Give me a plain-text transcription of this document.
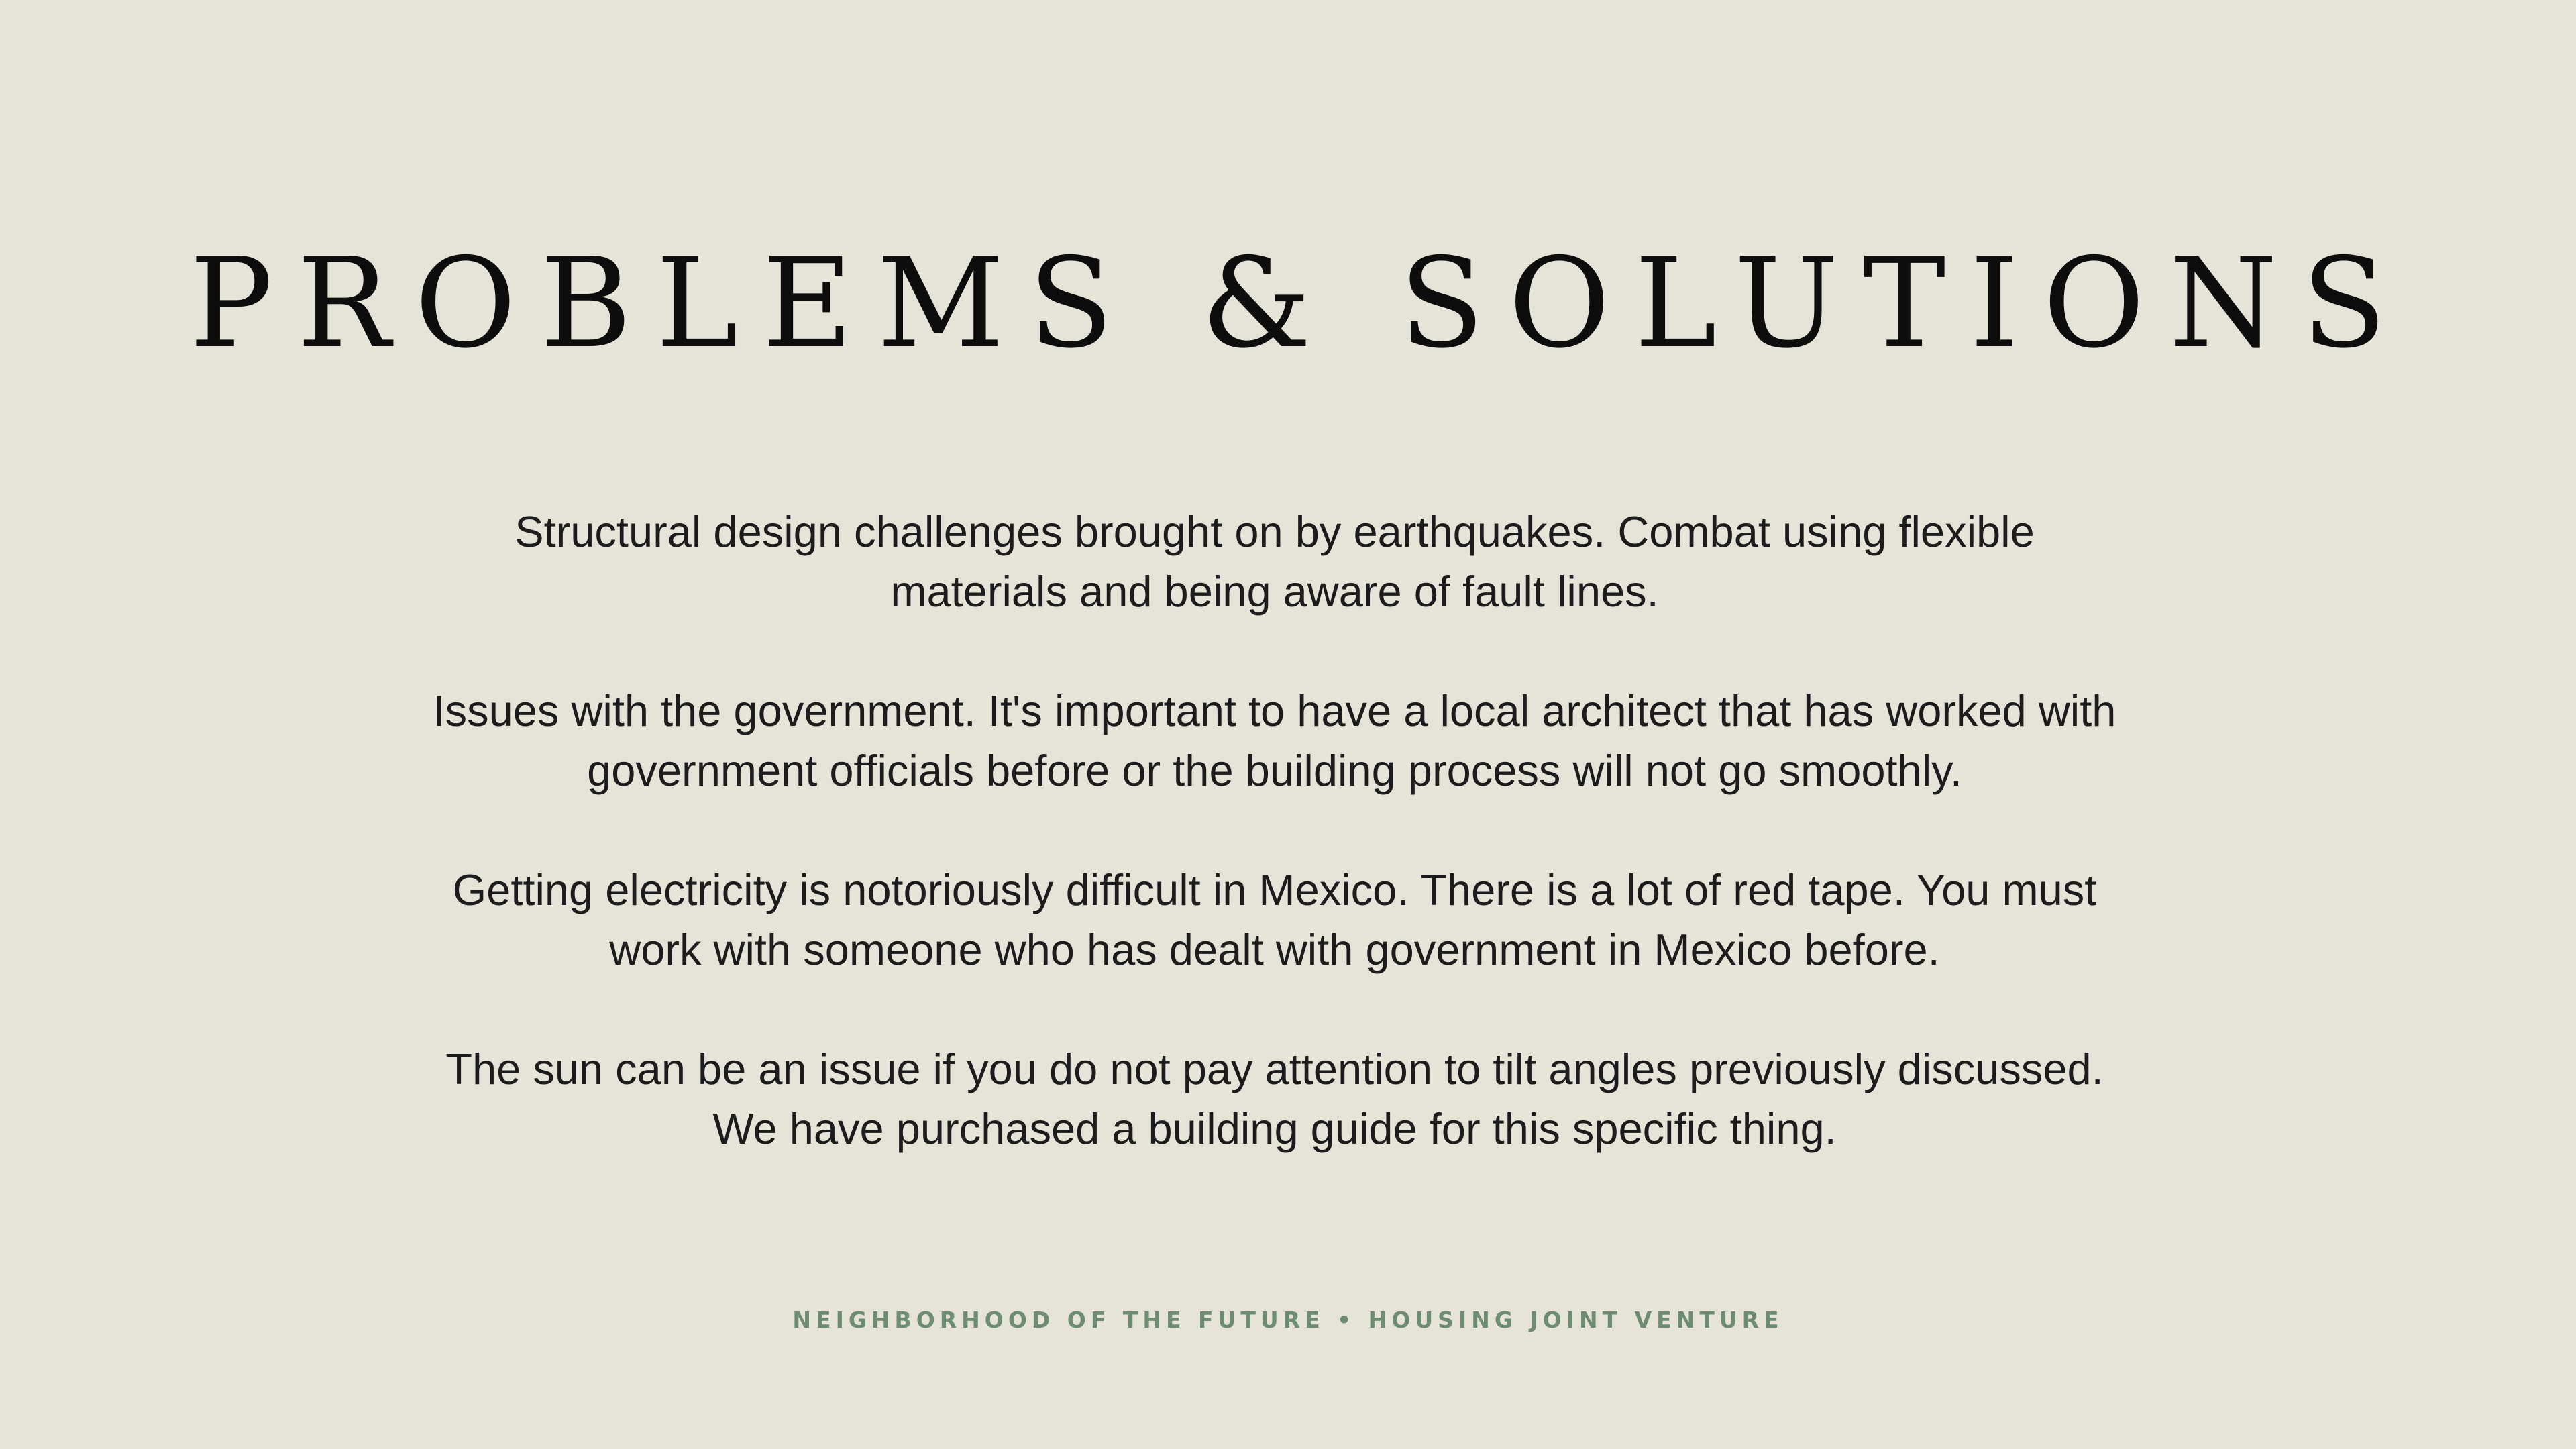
PROBLEMS & SOLUTIONS

Structural design challenges brought on by earthquakes. Combat using flexible materials and being aware of fault lines.

Issues with the government. It's important to have a local architect that has worked with government officials before or the building process will not go smoothly.

Getting electricity is notoriously difficult in Mexico. There is a lot of red tape. You must work with someone who has dealt with government in Mexico before.

The sun can be an issue if you do not pay attention to tilt angles previously discussed. We have purchased a building guide for this specific thing.

NEIGHBORHOOD OF THE FUTURE • HOUSING JOINT VENTURE
